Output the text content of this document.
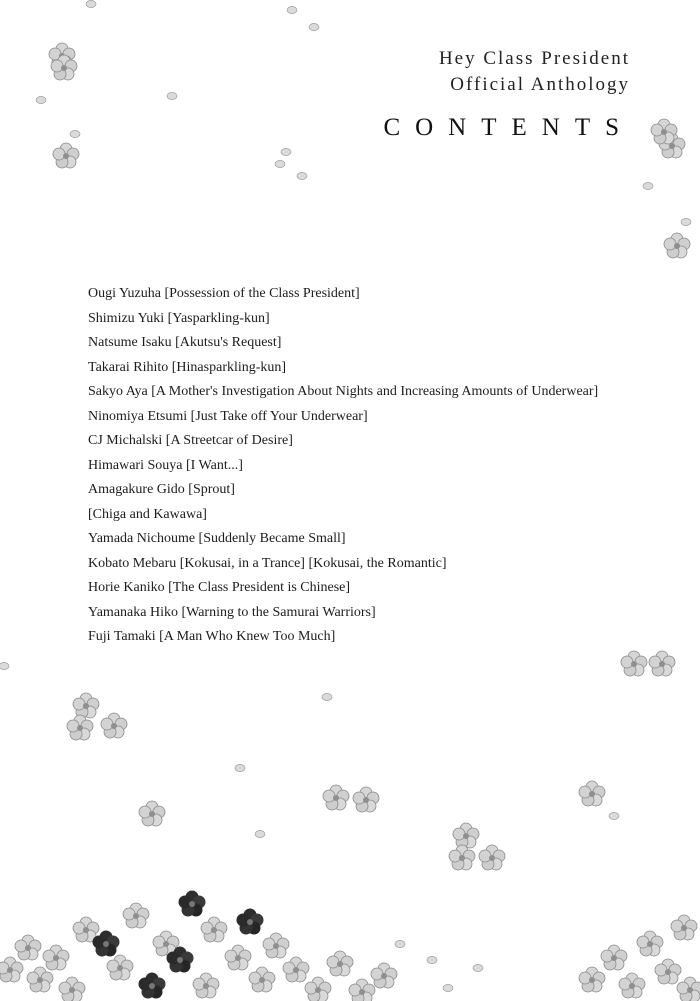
Hey Class President
Official Anthology
CONTENTS
Ougi Yuzuha [Possession of the Class President]
Shimizu Yuki [Yasparkling-kun]
Natsume Isaku [Akutsu's Request]
Takarai Rihito [Hinasparkling-kun]
Sakyo Aya [A Mother's Investigation About Nights and Increasing Amounts of Underwear]
Ninomiya Etsumi [Just Take off Your Underwear]
CJ Michalski [A Streetcar of Desire]
Himawari Souya [I Want...]
Amagakure Gido [Sprout]
[Chiga and Kawawa]
Yamada Nichoume [Suddenly Became Small]
Kobato Mebaru [Kokusai, in a Trance] [Kokusai, the Romantic]
Horie Kaniko [The Class President is Chinese]
Yamanaka Hiko [Warning to the Samurai Warriors]
Fuji Tamaki [A Man Who Knew Too Much]
